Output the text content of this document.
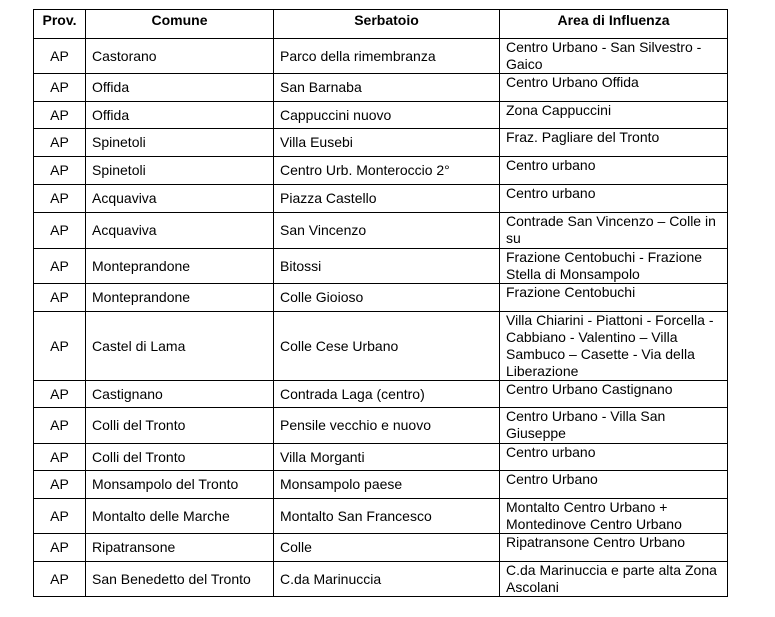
Prov.	Comune	Serbatoio	Area di Influenza
AP	Castorano	Parco della rimembranza	Centro Urbano - San Silvestro - Gaico
AP	Offida	San Barnaba	Centro Urbano Offida
AP	Offida	Cappuccini nuovo	Zona Cappuccini
AP	Spinetoli	Villa Eusebi	Fraz. Pagliare del Tronto
AP	Spinetoli	Centro Urb. Monteroccio 2°	Centro urbano
AP	Acquaviva	Piazza Castello	Centro urbano
AP	Acquaviva	San Vincenzo	Contrade San Vincenzo – Colle in su
AP	Monteprandone	Bitossi	Frazione Centobuchi - Frazione Stella di Monsampolo
AP	Monteprandone	Colle Gioioso	Frazione Centobuchi
AP	Castel di Lama	Colle Cese Urbano	Villa Chiarini - Piattoni - Forcella - Cabbiano - Valentino – Villa Sambuco – Casette - Via della Liberazione
AP	Castignano	Contrada Laga (centro)	Centro Urbano Castignano
AP	Colli del Tronto	Pensile vecchio e nuovo	Centro Urbano - Villa San Giuseppe
AP	Colli del Tronto	Villa Morganti	Centro urbano
AP	Monsampolo del Tronto	Monsampolo paese	Centro Urbano
AP	Montalto delle Marche	Montalto San Francesco	Montalto Centro Urbano + Montedinove Centro Urbano
AP	Ripatransone	Colle	Ripatransone Centro Urbano
AP	San Benedetto del Tronto	C.da Marinuccia	C.da Marinuccia e parte alta Zona Ascolani
